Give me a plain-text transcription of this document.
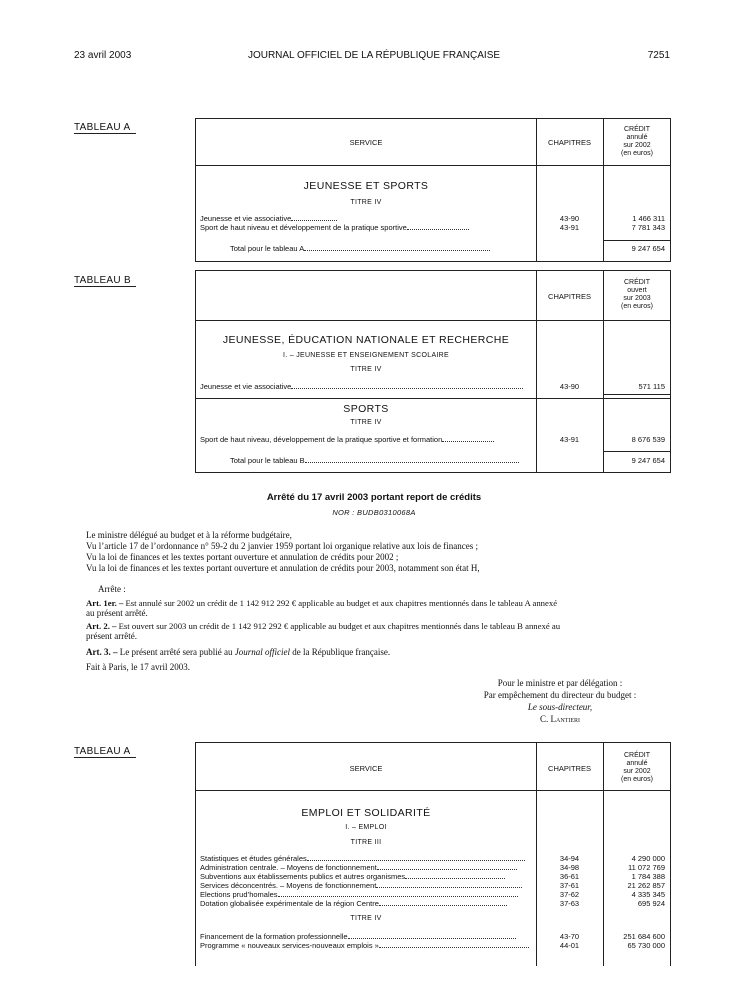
23 avril 2003	JOURNAL OFFICIEL DE LA RÉPUBLIQUE FRANÇAISE	7251
TABLEAU A
SERVICE	CHAPITRES
CRÉDIT
annulé
sur 2002
(en euros)
JEUNESSE ET SPORTS
TITRE IV
Jeunesse et vie associative	43-90	1 466 311
Sport de haut niveau et développement de la pratique sportive	43-91	7 781 343
Total pour le tableau A	9 247 654
TABLEAU B
CHAPITRES
CRÉDIT
ouvert
sur 2003
(en euros)
JEUNESSE, ÉDUCATION NATIONALE ET RECHERCHE
I. – JEUNESSE ET ENSEIGNEMENT SCOLAIRE
TITRE IV
Jeunesse et vie associative	43-90	571 115
SPORTS
TITRE IV
Sport de haut niveau, développement de la pratique sportive et formation	43-91	8 676 539
Total pour le tableau B	9 247 654
Arrêté du 17 avril 2003 portant report de crédits
NOR : BUDB0310068A
Le ministre délégué au budget et à la réforme budgétaire,
Vu l’article 17 de l’ordonnance n° 59-2 du 2 janvier 1959 portant loi organique relative aux lois de finances ;
Vu la loi de finances et les textes portant ouverture et annulation de crédits pour 2002 ;
Vu la loi de finances et les textes portant ouverture et annulation de crédits pour 2003, notamment son état H,
Arrête :
Art. 1er. – Est annulé sur 2002 un crédit de 1 142 912 292 € applicable au budget et aux chapitres mentionnés dans le tableau A annexé
au présent arrêté.
Art. 2. – Est ouvert sur 2003 un crédit de 1 142 912 292 € applicable au budget et aux chapitres mentionnés dans le tableau B annexé au
présent arrêté.
Art. 3. – Le présent arrêté sera publié au Journal officiel de la République française.
Fait à Paris, le 17 avril 2003.
Pour le ministre et par délégation :
Par empêchement du directeur du budget :
Le sous-directeur,
C. Lantieri
TABLEAU A
SERVICE	CHAPITRES
CRÉDIT
annulé
sur 2002
(en euros)
EMPLOI ET SOLIDARITÉ
I. – EMPLOI
TITRE III
Statistiques et études générales	34-94	4 290 000
Administration centrale. – Moyens de fonctionnement	34-98	11 072 769
Subventions aux établissements publics et autres organismes	36-61	1 784 388
Services déconcentrés. – Moyens de fonctionnement	37-61	21 262 857
Elections prud’homales	37-62	4 335 345
Dotation globalisée expérimentale de la région Centre	37-63	695 924
TITRE IV
Financement de la formation professionnelle	43-70	251 684 600
Programme « nouveaux services-nouveaux emplois »	44-01	65 730 000
